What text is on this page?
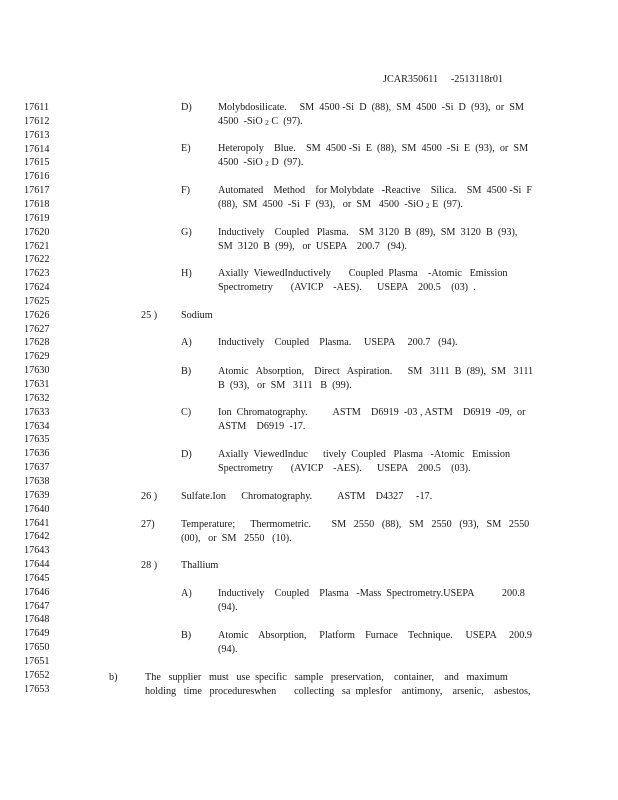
JCAR350611     -2513118r01
17611
17612
17613
17614
17615
17616
17617
17618
17619
17620
17621
17622
17623
17624
17625
17626
17627
17628
17629
17630
17631
17632
17633
17634
17635
17636
17637
17638
17639
17640
17641
17642
17643
17644
17645
17646
17647
17648
17649
17650
17651
17652
17653
D)	Molybdosilicate.     SM  4500 -Si  D  (88),  SM  4500  -Si  D  (93),  or  SM
4500  -SiO $_2$ C  (97).
E)	Heteropoly    Blue.    SM  4500 -Si  E  (88),  SM  4500  -Si  E  (93),  or  SM
4500  -SiO $_2$ D  (97).
F)	Automated    Method    for Molybdate   -Reactive    Silica.    SM  4500 -Si  F
(88),  SM  4500  -Si  F  (93),   or  SM   4500  -SiO $_2$ E  (97).
G)	Inductively    Coupled   Plasma.    SM  3120  B  (89),  SM  3120  B  (93),
SM  3120  B  (99),   or  USEPA    200.7   (94).
H)	Axially  ViewedInductively       Coupled  Plasma    -Atomic   Emission
Spectrometry       (AVICP    -AES).      USEPA    200.5    (03)  .
25 ) Sodium
A)	Inductively    Coupled    Plasma.     USEPA     200.7   (94).
B)	Atomic   Absorption,    Direct   Aspiration.      SM   3111  B  (89),  SM   3111
B  (93),   or  SM   3111   B  (99).
C)	Ion  Chromatography.          ASTM    D6919  -03 , ASTM    D6919  -09,  or
ASTM    D6919  -17.
D)	Axially  ViewedInduc      tively  Coupled   Plasma   -Atomic   Emission
Spectrometry       (AVICP    -AES).      USEPA    200.5    (03).
26 ) Sulfate.Ion      Chromatography.          ASTM    D4327     -17.
27)	Temperature;      Thermometric.        SM   2550   (88),   SM   2550   (93),   SM   2550
(00),   or  SM   2550   (10).
28 ) Thallium
A)	Inductively    Coupled    Plasma   -Mass  Spectrometry.USEPA           200.8
(94).
B)	Atomic    Absorption,     Platform    Furnace    Technique.     USEPA     200.9
(94).
b)	The   supplier   must   use  specific   sample   preservation,    container,    and   maximum
holding   time   procedureswhen       collecting   sa  mplesfor    antimony,    arsenic,    asbestos,
